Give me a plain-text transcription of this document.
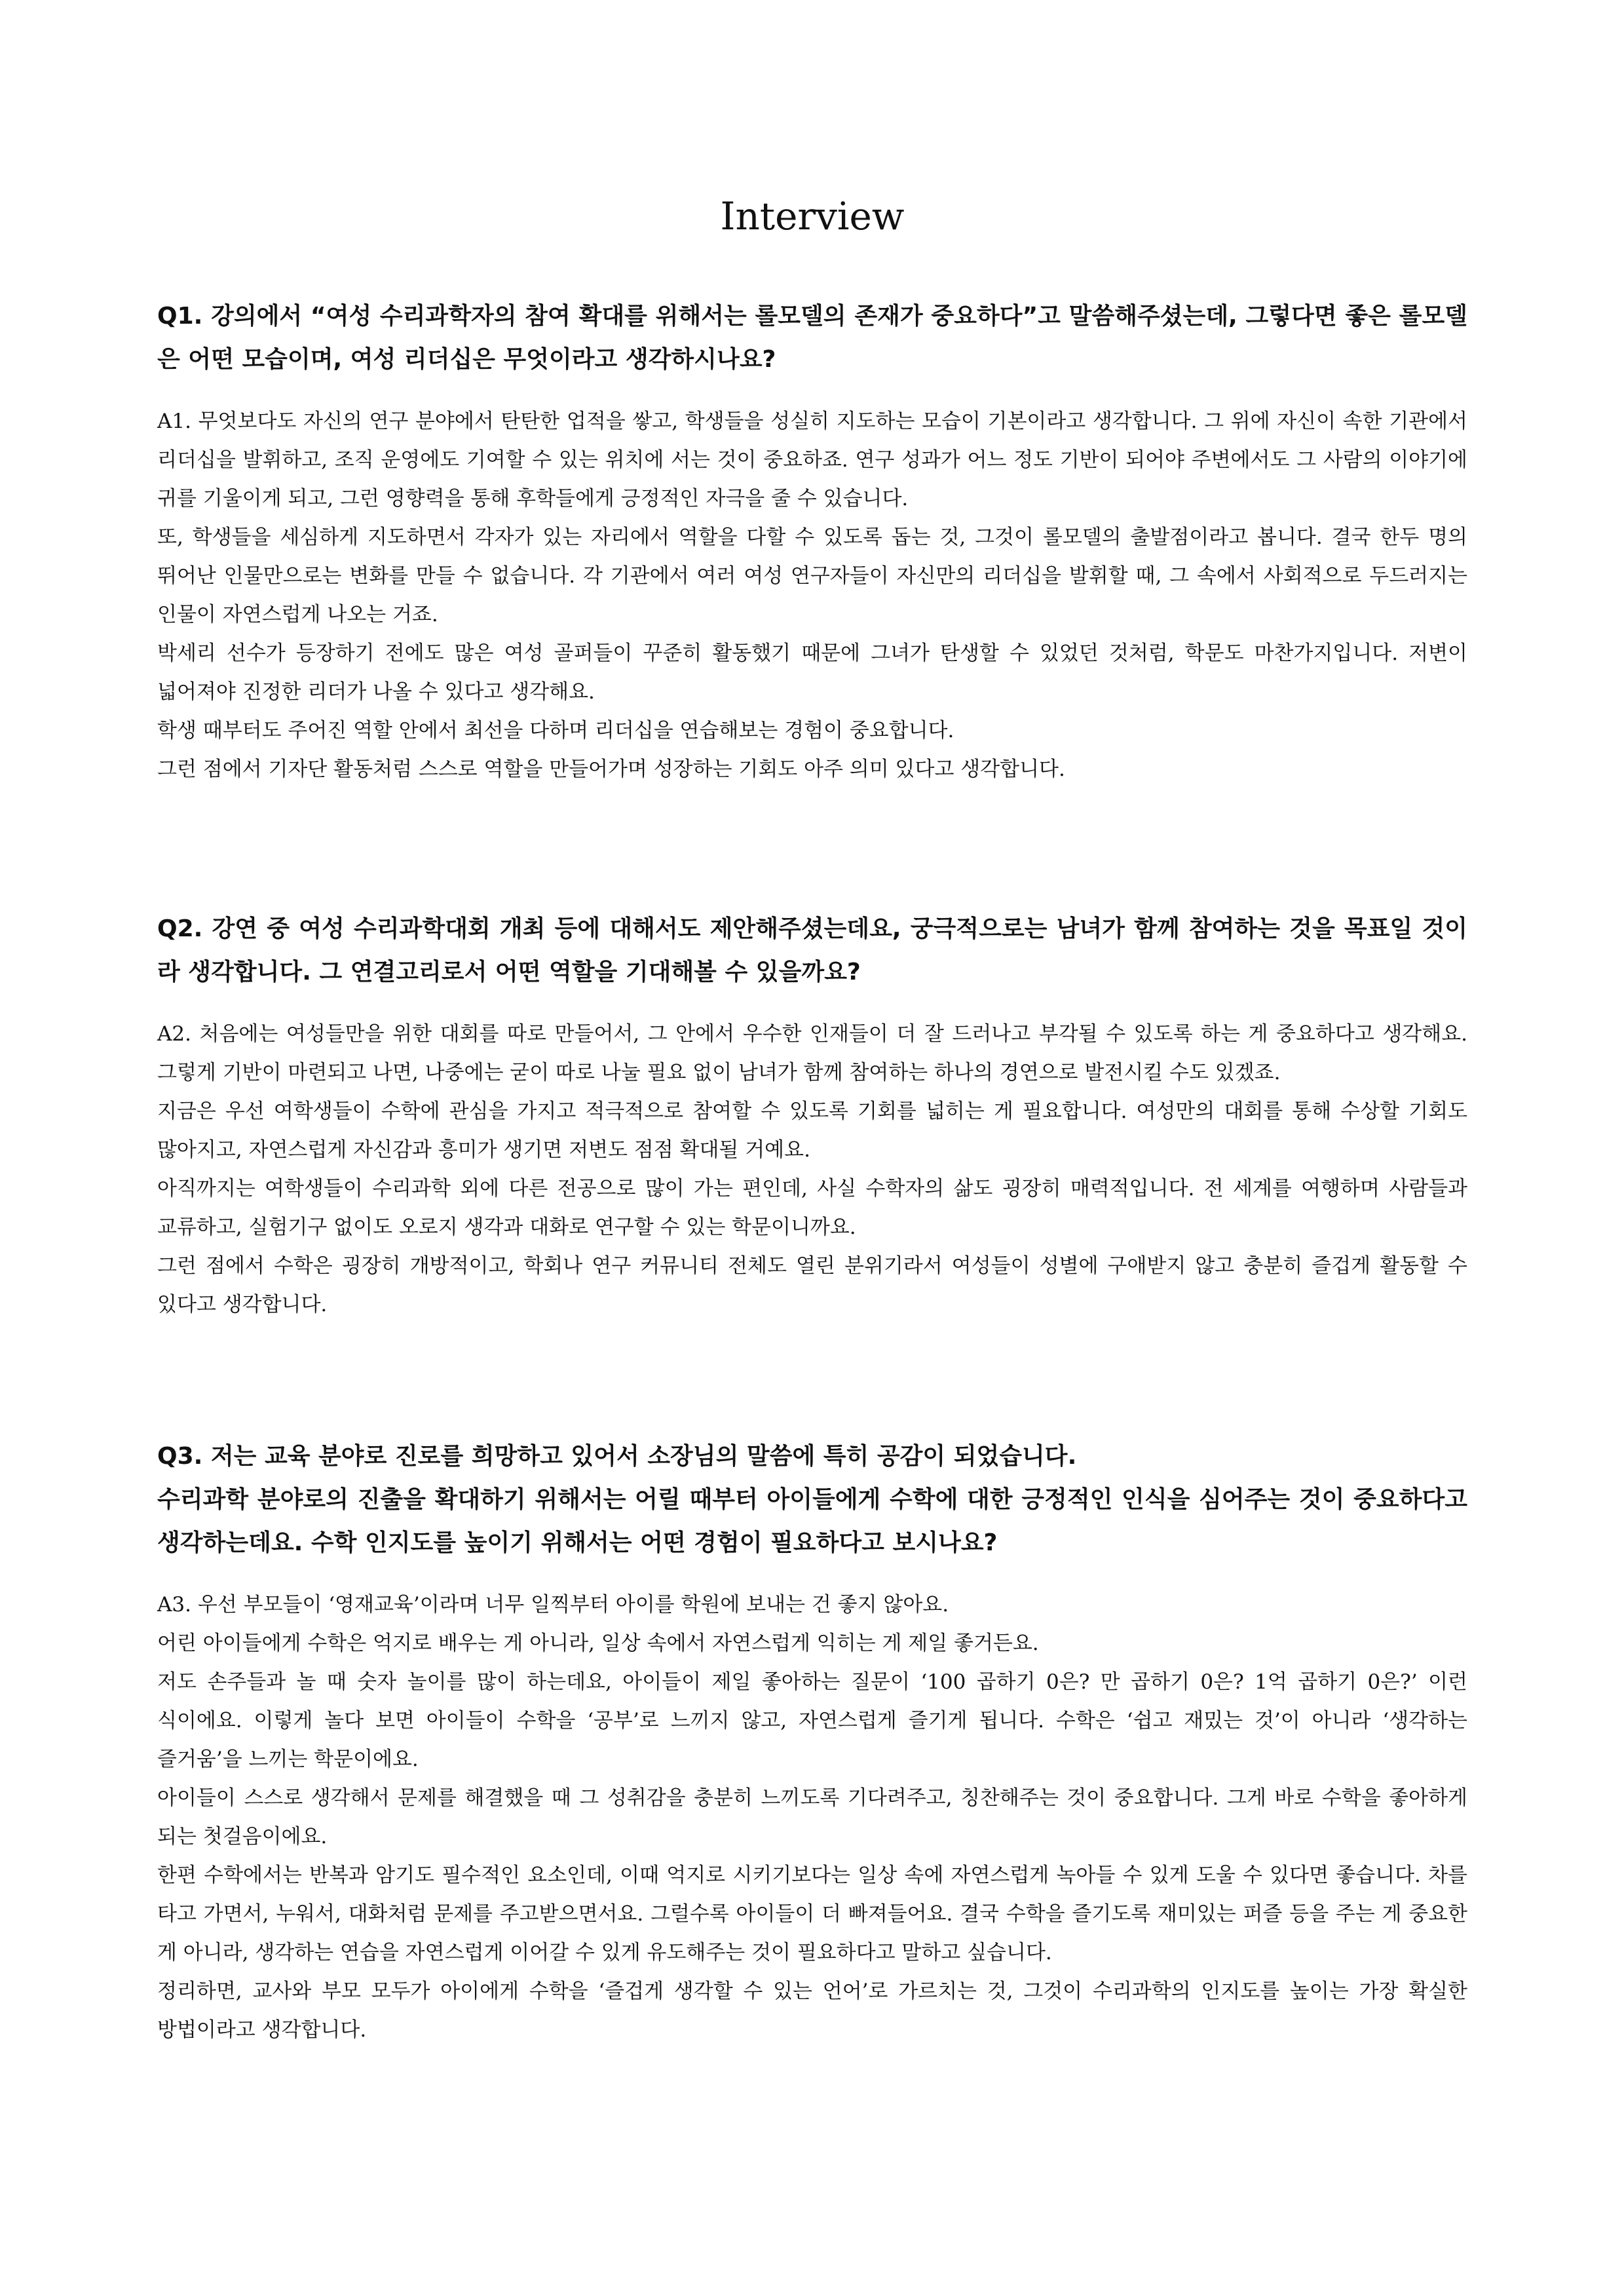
Interview

Q1. 강의에서 “여성 수리과학자의 참여 확대를 위해서는 롤모델의 존재가 중요하다”고 말씀해주셨는데, 그렇다면 좋은 롤모델은 어떤 모습이며, 여성 리더십은 무엇이라고 생각하시나요?

A1. 무엇보다도 자신의 연구 분야에서 탄탄한 업적을 쌓고, 학생들을 성실히 지도하는 모습이 기본이라고 생각합니다. 그 위에 자신이 속한 기관에서 리더십을 발휘하고, 조직 운영에도 기여할 수 있는 위치에 서는 것이 중요하죠. 연구 성과가 어느 정도 기반이 되어야 주변에서도 그 사람의 이야기에 귀를 기울이게 되고, 그런 영향력을 통해 후학들에게 긍정적인 자극을 줄 수 있습니다.

또, 학생들을 세심하게 지도하면서 각자가 있는 자리에서 역할을 다할 수 있도록 돕는 것, 그것이 롤모델의 출발점이라고 봅니다. 결국 한두 명의 뛰어난 인물만으로는 변화를 만들 수 없습니다. 각 기관에서 여러 여성 연구자들이 자신만의 리더십을 발휘할 때, 그 속에서 사회적으로 두드러지는 인물이 자연스럽게 나오는 거죠.

박세리 선수가 등장하기 전에도 많은 여성 골퍼들이 꾸준히 활동했기 때문에 그녀가 탄생할 수 있었던 것처럼, 학문도 마찬가지입니다. 저변이 넓어져야 진정한 리더가 나올 수 있다고 생각해요.

학생 때부터도 주어진 역할 안에서 최선을 다하며 리더십을 연습해보는 경험이 중요합니다.

그런 점에서 기자단 활동처럼 스스로 역할을 만들어가며 성장하는 기회도 아주 의미 있다고 생각합니다.

Q2. 강연 중 여성 수리과학대회 개최 등에 대해서도 제안해주셨는데요, 궁극적으로는 남녀가 함께 참여하는 것을 목표일 것이라 생각합니다. 그 연결고리로서 어떤 역할을 기대해볼 수 있을까요?

A2. 처음에는 여성들만을 위한 대회를 따로 만들어서, 그 안에서 우수한 인재들이 더 잘 드러나고 부각될 수 있도록 하는 게 중요하다고 생각해요. 그렇게 기반이 마련되고 나면, 나중에는 굳이 따로 나눌 필요 없이 남녀가 함께 참여하는 하나의 경연으로 발전시킬 수도 있겠죠.

지금은 우선 여학생들이 수학에 관심을 가지고 적극적으로 참여할 수 있도록 기회를 넓히는 게 필요합니다. 여성만의 대회를 통해 수상할 기회도 많아지고, 자연스럽게 자신감과 흥미가 생기면 저변도 점점 확대될 거예요.

아직까지는 여학생들이 수리과학 외에 다른 전공으로 많이 가는 편인데, 사실 수학자의 삶도 굉장히 매력적입니다. 전 세계를 여행하며 사람들과 교류하고, 실험기구 없이도 오로지 생각과 대화로 연구할 수 있는 학문이니까요.

그런 점에서 수학은 굉장히 개방적이고, 학회나 연구 커뮤니티 전체도 열린 분위기라서 여성들이 성별에 구애받지 않고 충분히 즐겁게 활동할 수 있다고 생각합니다.

Q3. 저는 교육 분야로 진로를 희망하고 있어서 소장님의 말씀에 특히 공감이 되었습니다.

수리과학 분야로의 진출을 확대하기 위해서는 어릴 때부터 아이들에게 수학에 대한 긍정적인 인식을 심어주는 것이 중요하다고 생각하는데요. 수학 인지도를 높이기 위해서는 어떤 경험이 필요하다고 보시나요?

A3. 우선 부모들이 ‘영재교육’이라며 너무 일찍부터 아이를 학원에 보내는 건 좋지 않아요.

어린 아이들에게 수학은 억지로 배우는 게 아니라, 일상 속에서 자연스럽게 익히는 게 제일 좋거든요.

저도 손주들과 놀 때 숫자 놀이를 많이 하는데요, 아이들이 제일 좋아하는 질문이 ‘100 곱하기 0은? 만 곱하기 0은? 1억 곱하기 0은?’ 이런 식이에요. 이렇게 놀다 보면 아이들이 수학을 ‘공부’로 느끼지 않고, 자연스럽게 즐기게 됩니다. 수학은 ‘쉽고 재밌는 것’이 아니라 ‘생각하는 즐거움’을 느끼는 학문이에요.

아이들이 스스로 생각해서 문제를 해결했을 때 그 성취감을 충분히 느끼도록 기다려주고, 칭찬해주는 것이 중요합니다. 그게 바로 수학을 좋아하게 되는 첫걸음이에요.

한편 수학에서는 반복과 암기도 필수적인 요소인데, 이때 억지로 시키기보다는 일상 속에 자연스럽게 녹아들 수 있게 도울 수 있다면 좋습니다. 차를 타고 가면서, 누워서, 대화처럼 문제를 주고받으면서요. 그럴수록 아이들이 더 빠져들어요. 결국 수학을 즐기도록 재미있는 퍼즐 등을 주는 게 중요한 게 아니라, 생각하는 연습을 자연스럽게 이어갈 수 있게 유도해주는 것이 필요하다고 말하고 싶습니다.

정리하면, 교사와 부모 모두가 아이에게 수학을 ‘즐겁게 생각할 수 있는 언어’로 가르치는 것, 그것이 수리과학의 인지도를 높이는 가장 확실한 방법이라고 생각합니다.
